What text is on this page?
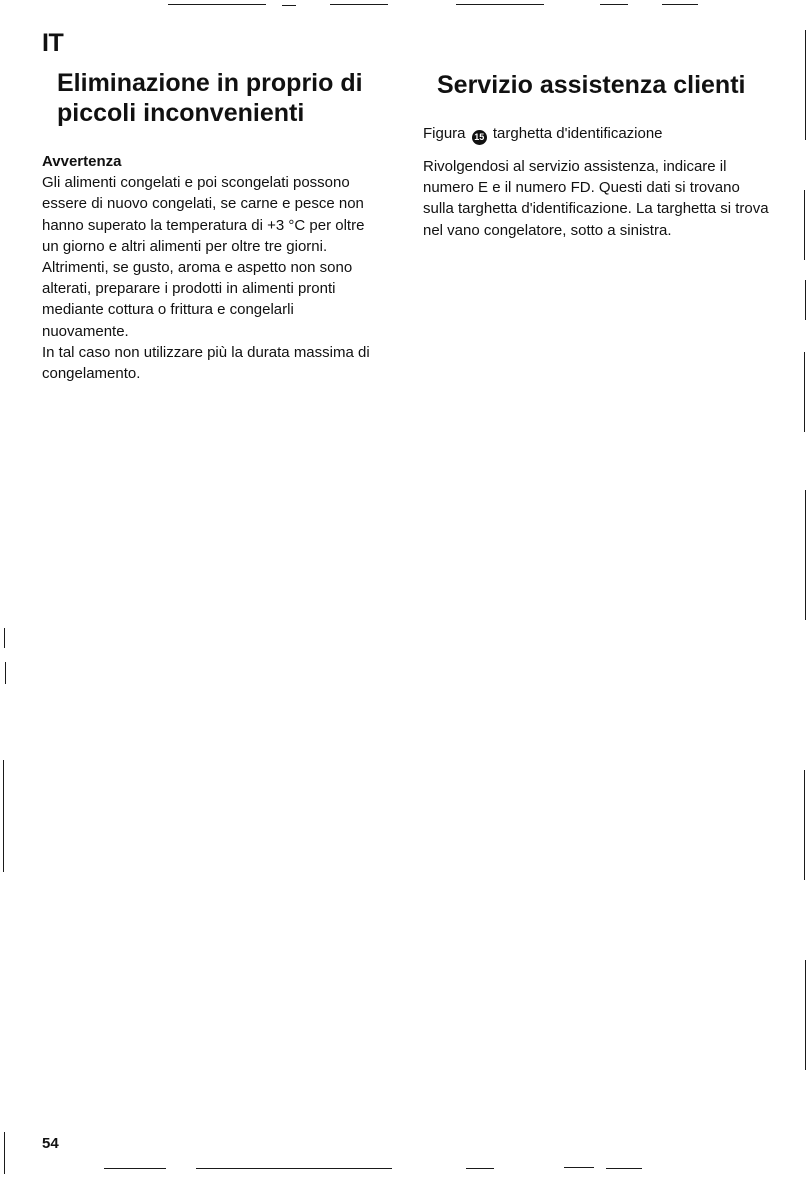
IT
Eliminazione in proprio di piccoli inconvenienti

Avvertenza

Gli alimenti congelati e poi scongelati possono essere di nuovo congelati, se carne e pesce non hanno superato la temperatura di +3 °C per oltre un giorno e altri alimenti per oltre tre giorni.

Altrimenti, se gusto, aroma e aspetto non sono alterati, preparare i prodotti in alimenti pronti mediante cottura o frittura e congelarli nuovamente.

In tal caso non utilizzare più la durata massima di congelamento.

Servizio assistenza clienti

Figura 15 targhetta d'identificazione

Rivolgendosi al servizio assistenza, indicare il numero E e il numero FD. Questi dati si trovano sulla targhetta d'identificazione. La targhetta si trova nel vano congelatore, sotto a sinistra.

54
